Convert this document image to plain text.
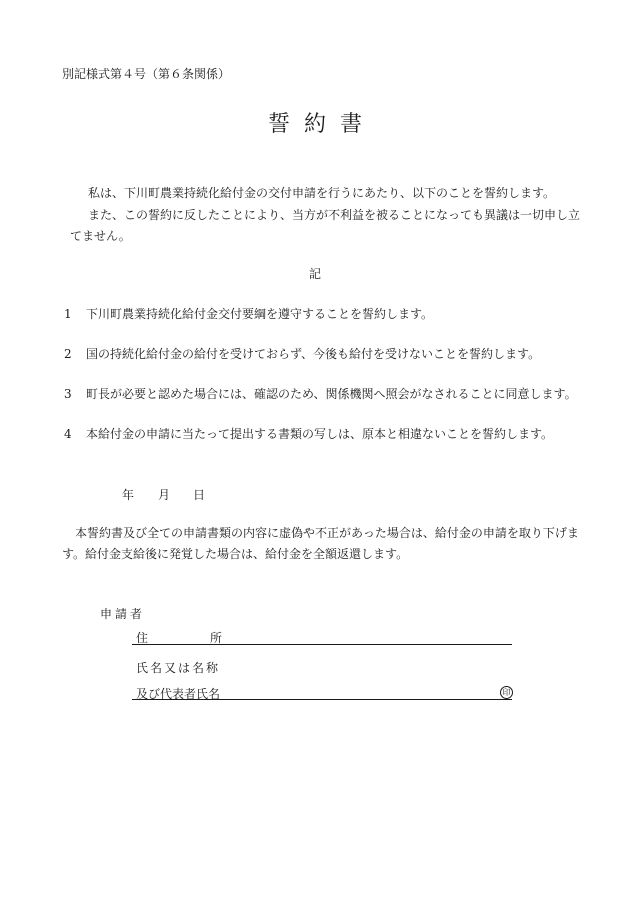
別記様式第４号（第６条関係）
誓約書
私は、下川町農業持続化給付金の交付申請を行うにあたり、以下のことを誓約します。
また、この誓約に反したことにより、当方が不利益を被ることになっても異議は一切申し立
てません。
記
1 下川町農業持続化給付金交付要綱を遵守することを誓約します。
2 国の持続化給付金の給付を受けておらず、今後も給付を受けないことを誓約します。
3 町長が必要と認めた場合には、確認のため、関係機関へ照会がなされることに同意します。
4 本給付金の申請に当たって提出する書類の写しは、原本と相違ないことを誓約します。
年 月 日
本誓約書及び全ての申請書類の内容に虚偽や不正があった場合は、給付金の申請を取り下げま
す。給付金支給後に発覚した場合は、給付金を全額返還します。
申請者
住	所
氏名又は名称
及び代表者氏名	印
